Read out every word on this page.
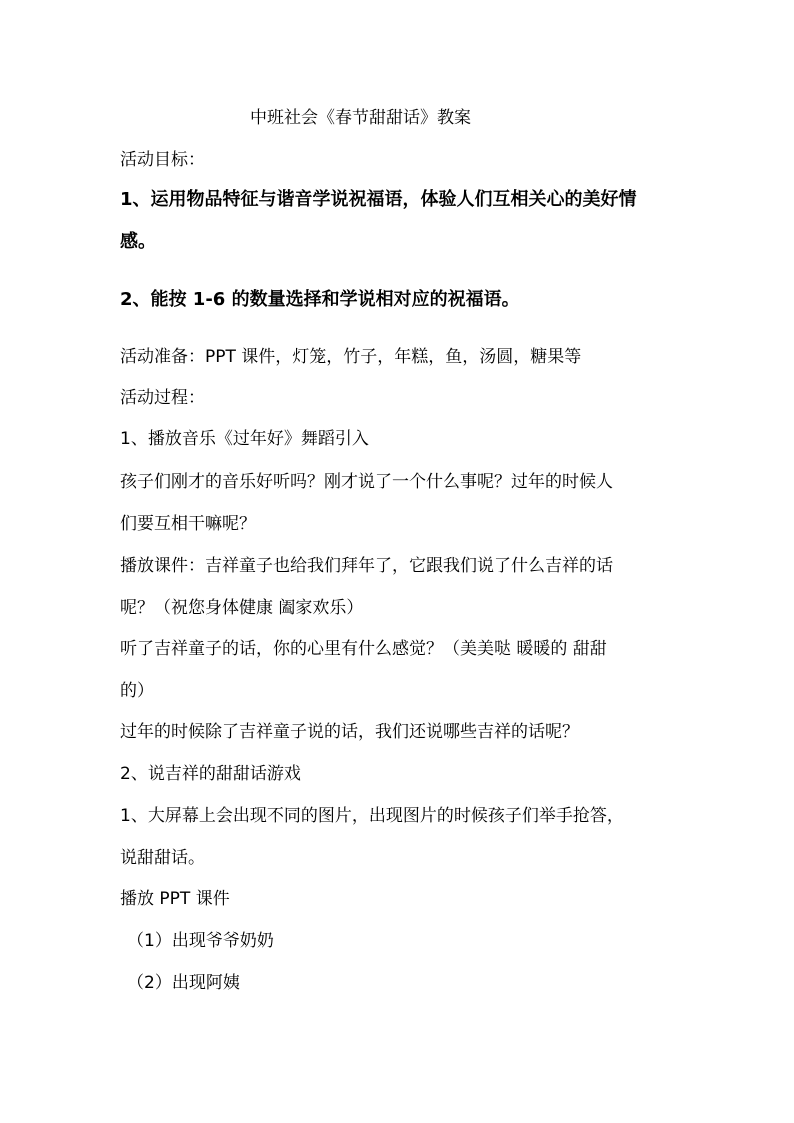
中班社会《春节甜甜话》教案
活动目标：
1、运用物品特征与谐音学说祝福语，体验人们互相关心的美好情
感。
2、能按 1-6 的数量选择和学说相对应的祝福语。
活动准备：PPT 课件，灯笼，竹子，年糕，鱼，汤圆，糖果等
活动过程：
1、播放音乐《过年好》舞蹈引入
孩子们刚才的音乐好听吗？刚才说了一个什么事呢？过年的时候人
们要互相干嘛呢？
播放课件：吉祥童子也给我们拜年了，它跟我们说了什么吉祥的话
呢？（祝您身体健康 阖家欢乐）
听了吉祥童子的话，你的心里有什么感觉？（美美哒 暖暖的 甜甜
的）
过年的时候除了吉祥童子说的话，我们还说哪些吉祥的话呢？
2、说吉祥的甜甜话游戏
1、大屏幕上会出现不同的图片，出现图片的时候孩子们举手抢答，
说甜甜话。
播放 PPT 课件
（1）出现爷爷奶奶
（2）出现阿姨
